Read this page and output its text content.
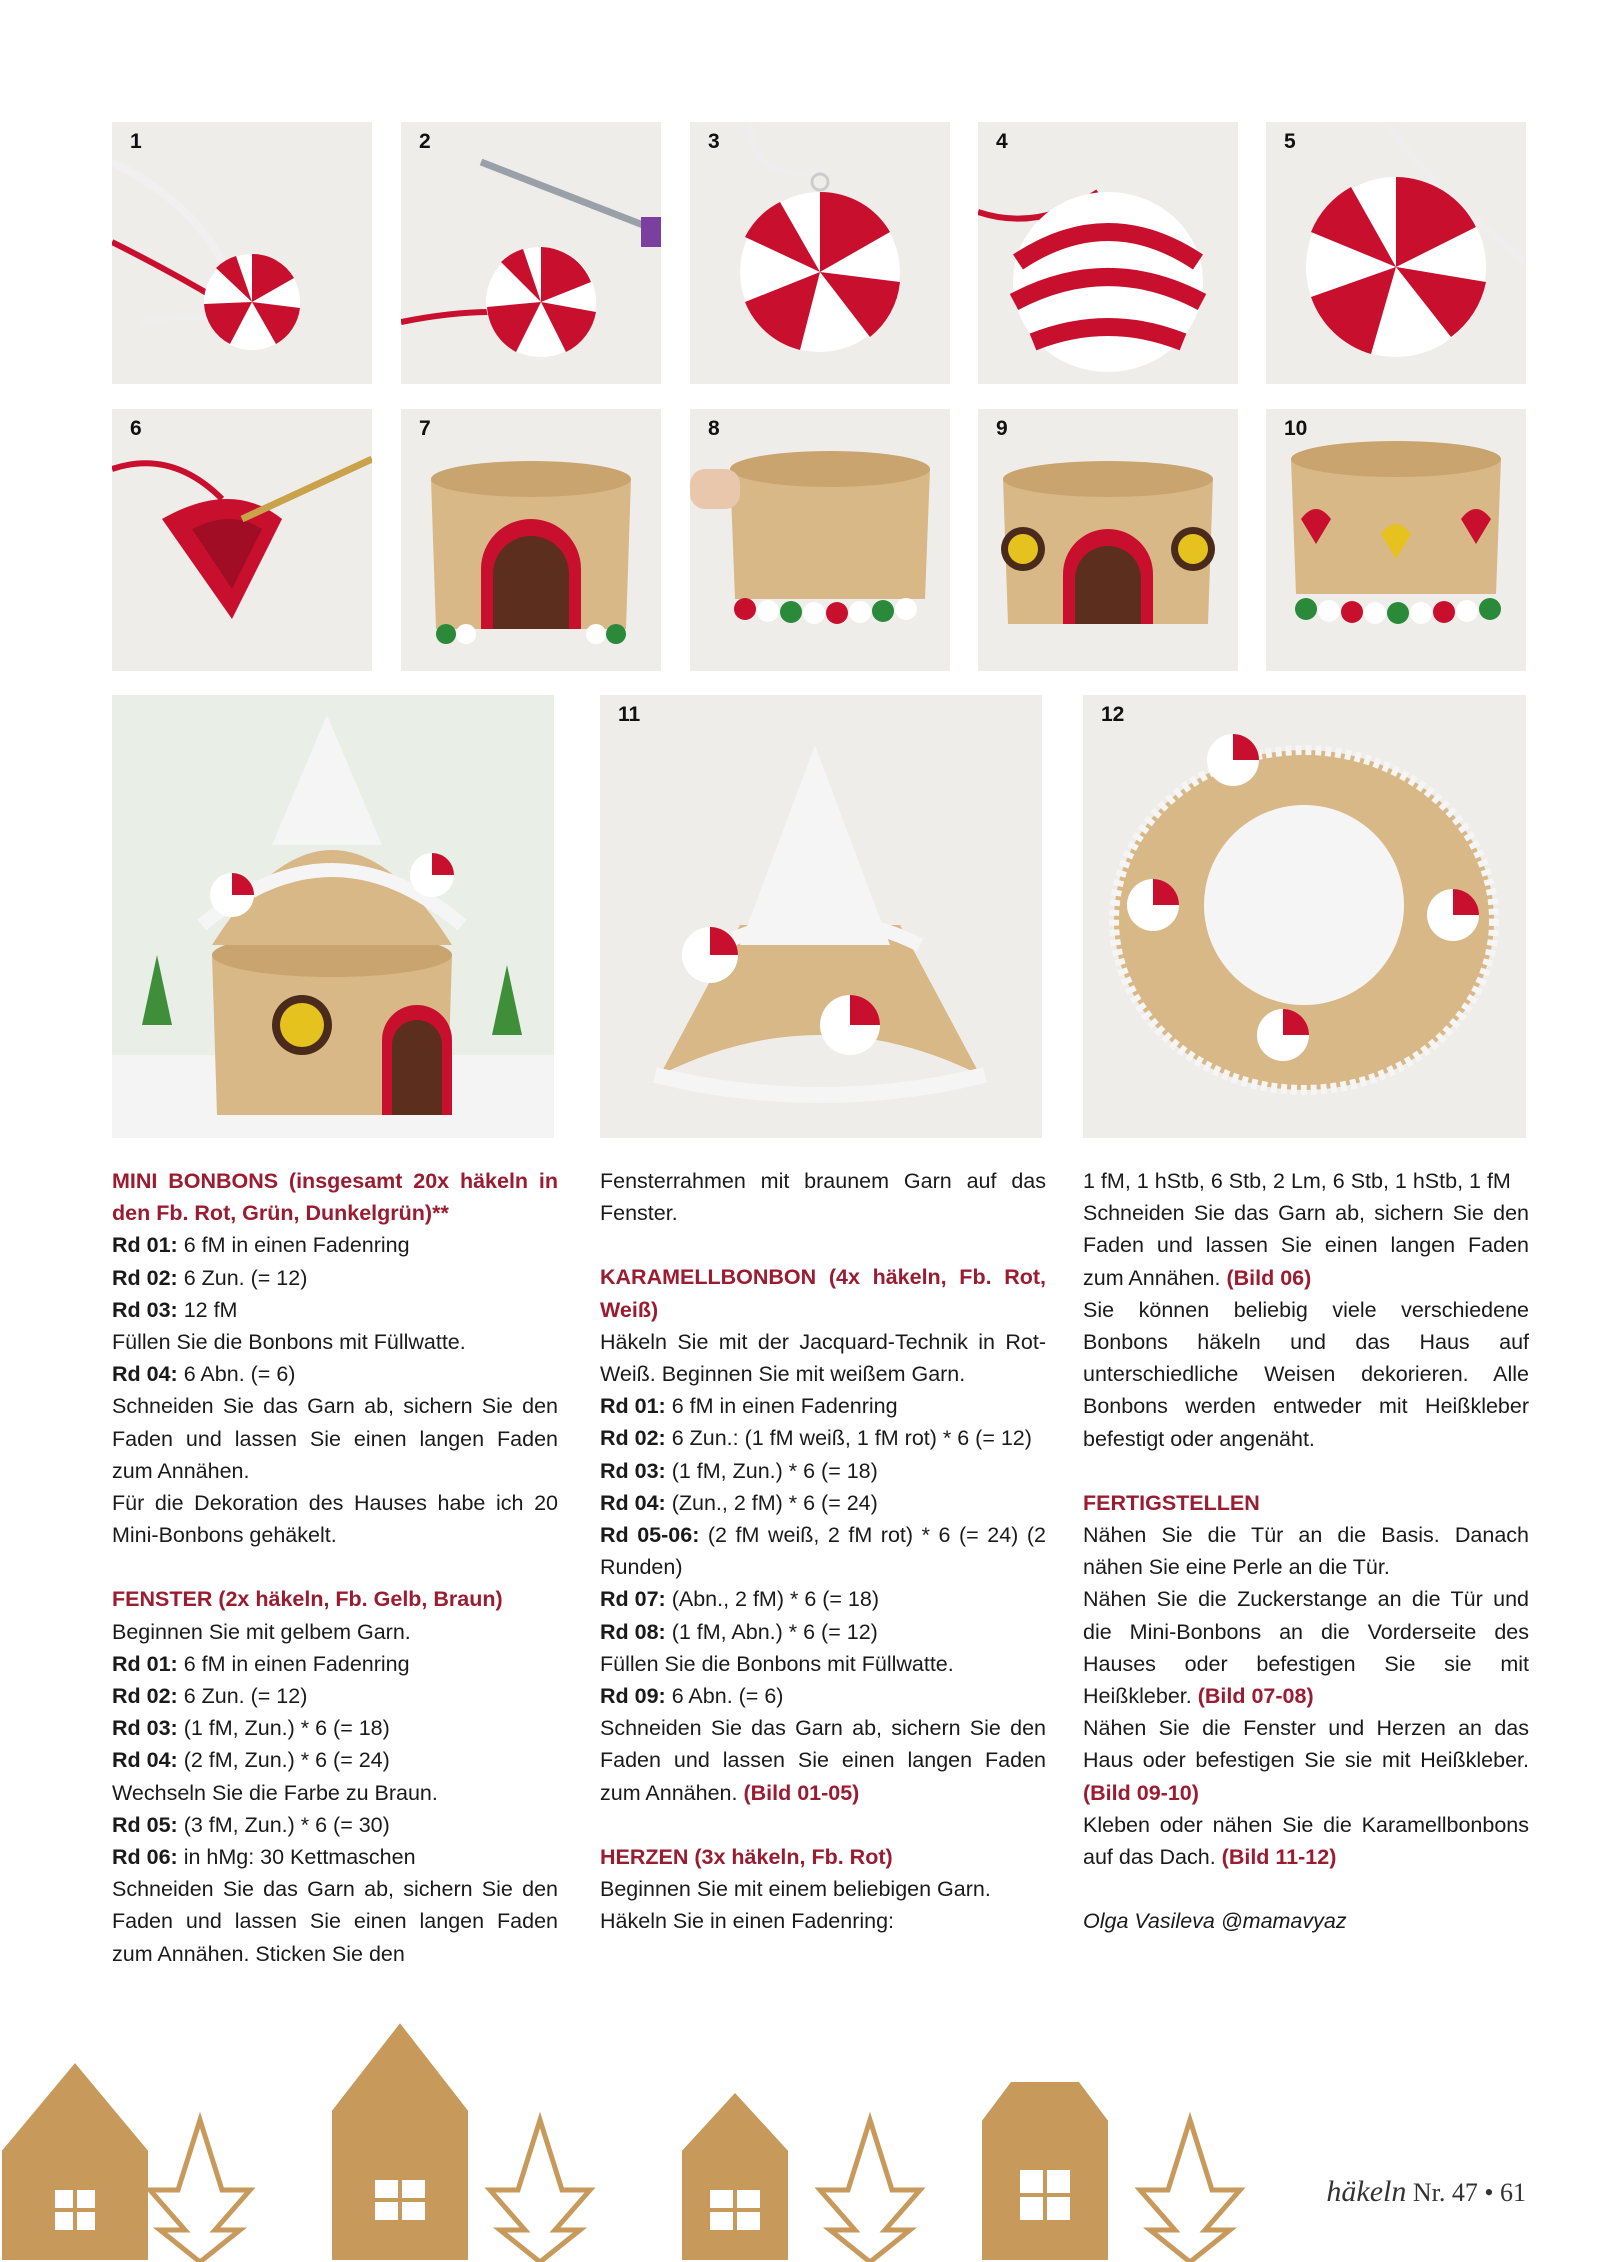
1	2	3	4	5
6	7	8	9	10
11	12

MINI BONBONS (insgesamt 20x häkeln in den Fb. Rot, Grün, Dunkelgrün)**

Rd 01: 6 fM in einen Fadenring

Rd 02: 6 Zun. (= 12)

Rd 03: 12 fM

Füllen Sie die Bonbons mit Füllwatte.

Rd 04: 6 Abn. (= 6)

Schneiden Sie das Garn ab, sichern Sie den Faden und lassen Sie einen langen Faden zum Annähen.

Für die Dekoration des Hauses habe ich 20 Mini-Bonbons gehäkelt.

FENSTER (2x häkeln, Fb. Gelb, Braun)

Beginnen Sie mit gelbem Garn.

Rd 01: 6 fM in einen Fadenring

Rd 02: 6 Zun. (= 12)

Rd 03: (1 fM, Zun.) * 6 (= 18)

Rd 04: (2 fM, Zun.) * 6 (= 24)

Wechseln Sie die Farbe zu Braun.

Rd 05: (3 fM, Zun.) * 6 (= 30)

Rd 06: in hMg: 30 Kettmaschen

Schneiden Sie das Garn ab, sichern Sie den Faden und lassen Sie einen langen Faden zum Annähen. Sticken Sie den

Fensterrahmen mit braunem Garn auf das Fenster.

KARAMELLBONBON (4x häkeln, Fb. Rot, Weiß)

Häkeln Sie mit der Jacquard-Technik in Rot-Weiß. Beginnen Sie mit weißem Garn.

Rd 01: 6 fM in einen Fadenring

Rd 02: 6 Zun.: (1 fM weiß, 1 fM rot) * 6 (= 12)

Rd 03: (1 fM, Zun.) * 6 (= 18)

Rd 04: (Zun., 2 fM) * 6 (= 24)

Rd 05-06: (2 fM weiß, 2 fM rot) * 6 (= 24) (2 Runden)

Rd 07: (Abn., 2 fM) * 6 (= 18)

Rd 08: (1 fM, Abn.) * 6 (= 12)

Füllen Sie die Bonbons mit Füllwatte.

Rd 09: 6 Abn. (= 6)

Schneiden Sie das Garn ab, sichern Sie den Faden und lassen Sie einen langen Faden zum Annähen. (Bild 01-05)

HERZEN (3x häkeln, Fb. Rot)

Beginnen Sie mit einem beliebigen Garn.

Häkeln Sie in einen Fadenring:

1 fM, 1 hStb, 6 Stb, 2 Lm, 6 Stb, 1 hStb, 1 fM

Schneiden Sie das Garn ab, sichern Sie den Faden und lassen Sie einen langen Faden zum Annähen. (Bild 06)

Sie können beliebig viele verschiedene Bonbons häkeln und das Haus auf unterschiedliche Weisen dekorieren. Alle Bonbons werden entweder mit Heißkleber befestigt oder angenäht.

FERTIGSTELLEN

Nähen Sie die Tür an die Basis. Danach nähen Sie eine Perle an die Tür.

Nähen Sie die Zuckerstange an die Tür und die Mini-Bonbons an die Vorderseite des Hauses oder befestigen Sie sie mit Heißkleber. (Bild 07-08)

Nähen Sie die Fenster und Herzen an das Haus oder befestigen Sie sie mit Heißkleber. (Bild 09-10)

Kleben oder nähen Sie die Karamellbonbons auf das Dach. (Bild 11-12)

Olga Vasileva @mamavyaz

häkeln Nr. 47 • 61
